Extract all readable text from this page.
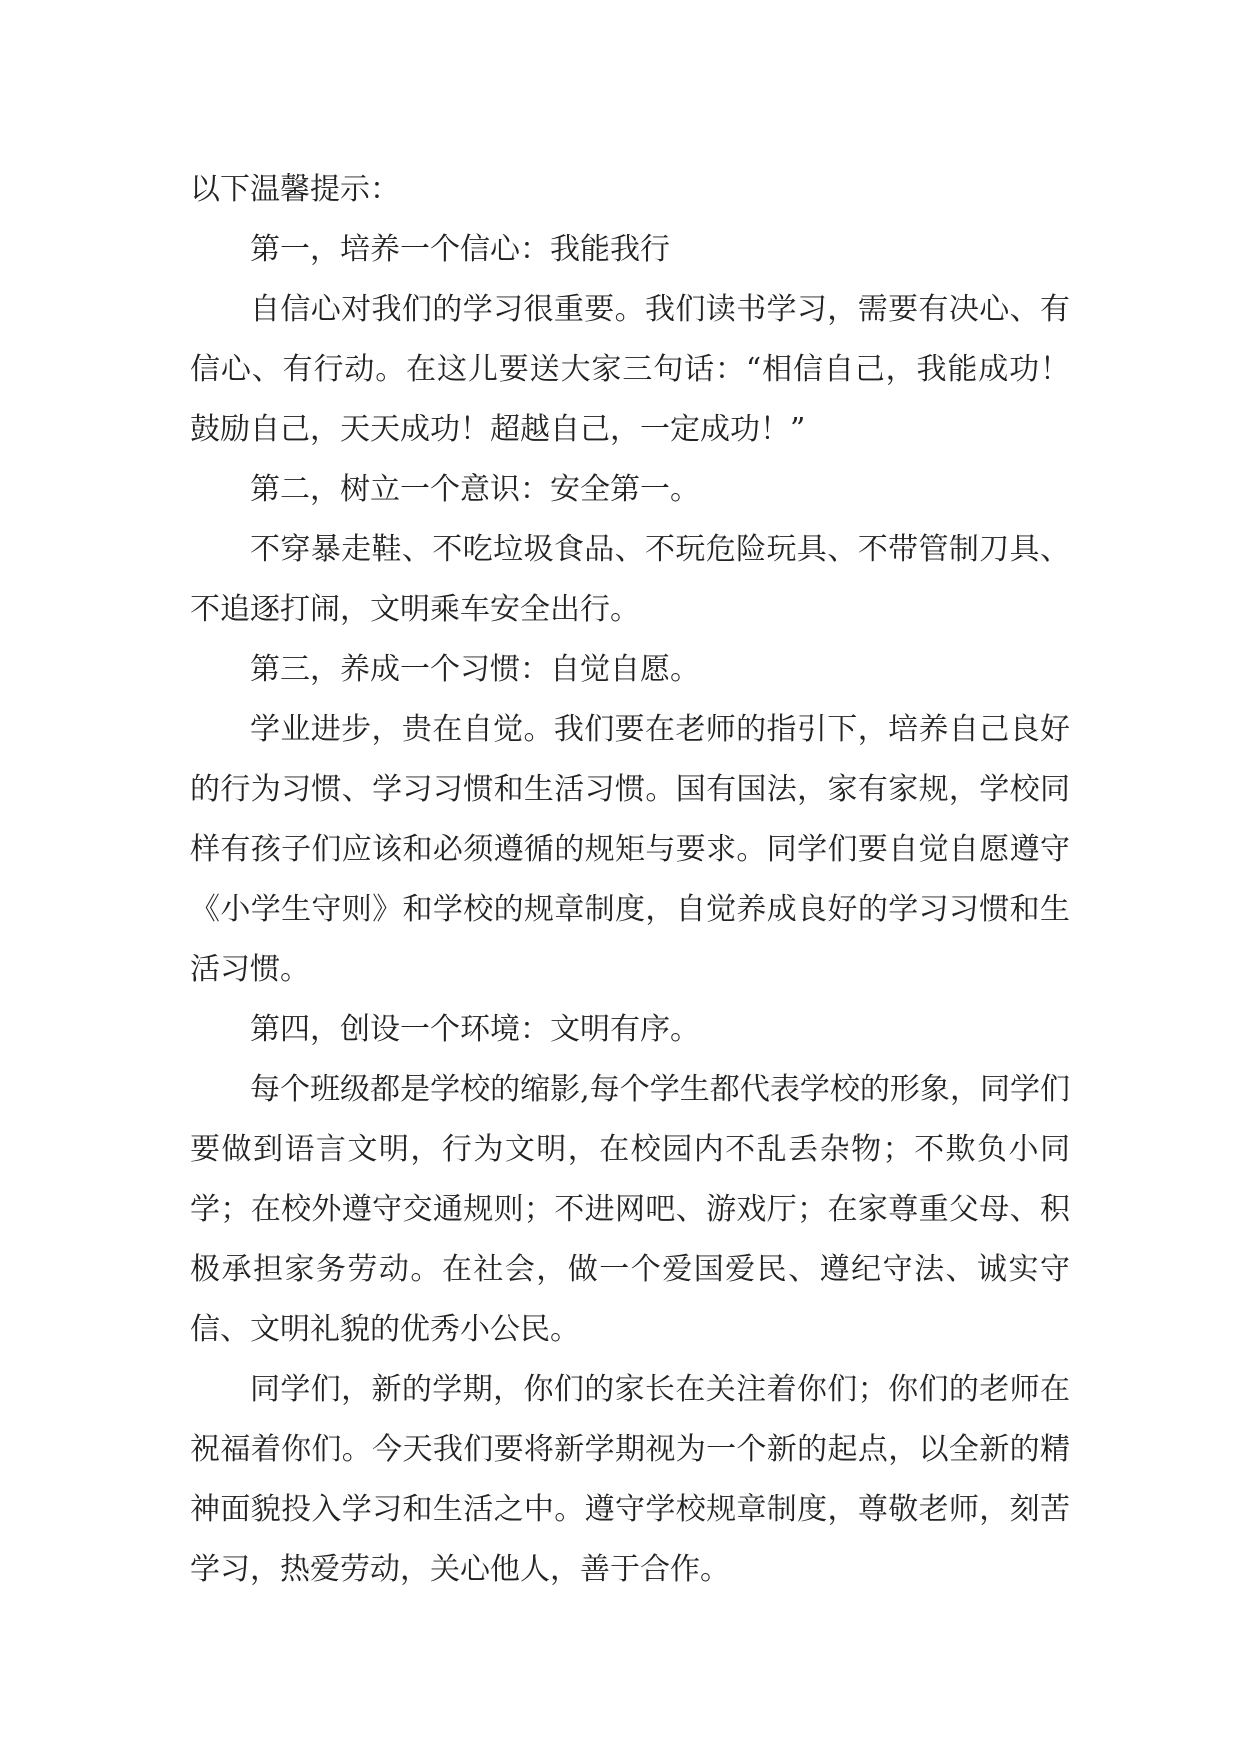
以下温馨提示：

第一，培养一个信心：我能我行

自信心对我们的学习很重要。我们读书学习，需要有决心、有信心、有行动。在这儿要送大家三句话：“相信自己，我能成功！鼓励自己，天天成功！超越自己，一定成功！”

第二，树立一个意识：安全第一。

不穿暴走鞋、不吃垃圾食品、不玩危险玩具、不带管制刀具、不追逐打闹，文明乘车安全出行。

第三，养成一个习惯：自觉自愿。

学业进步，贵在自觉。我们要在老师的指引下，培养自己良好的行为习惯、学习习惯和生活习惯。国有国法，家有家规，学校同样有孩子们应该和必须遵循的规矩与要求。同学们要自觉自愿遵守《小学生守则》和学校的规章制度，自觉养成良好的学习习惯和生活习惯。

第四，创设一个环境：文明有序。

每个班级都是学校的缩影,每个学生都代表学校的形象，同学们要做到语言文明，行为文明，在校园内不乱丢杂物；不欺负小同学；在校外遵守交通规则；不进网吧、游戏厅；在家尊重父母、积极承担家务劳动。在社会，做一个爱国爱民、遵纪守法、诚实守信、文明礼貌的优秀小公民。

同学们，新的学期，你们的家长在关注着你们；你们的老师在祝福着你们。今天我们要将新学期视为一个新的起点，以全新的精神面貌投入学习和生活之中。遵守学校规章制度，尊敬老师，刻苦学习，热爱劳动，关心他人，善于合作。
